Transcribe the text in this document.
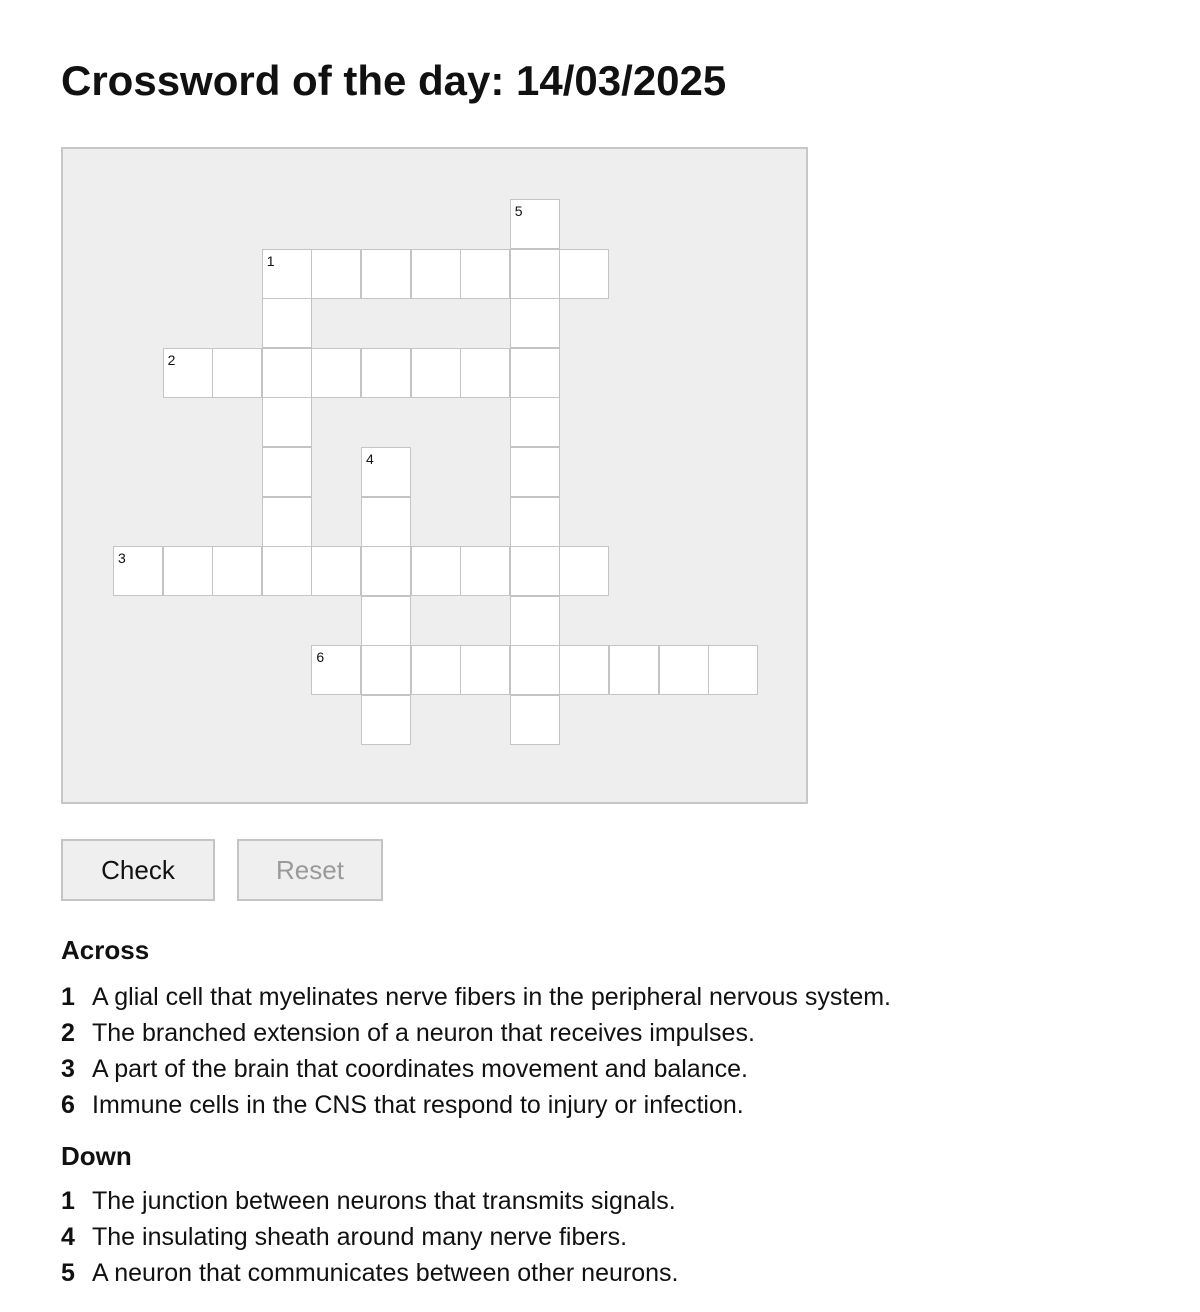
Crossword of the day: 14/03/2025
5
1
2
4
3
6
Check	Reset
Across
1 A glial cell that myelinates nerve fibers in the peripheral nervous system.
2 The branched extension of a neuron that receives impulses.
3 A part of the brain that coordinates movement and balance.
6 Immune cells in the CNS that respond to injury or infection.
Down
1 The junction between neurons that transmits signals.
4 The insulating sheath around many nerve fibers.
5 A neuron that communicates between other neurons.
